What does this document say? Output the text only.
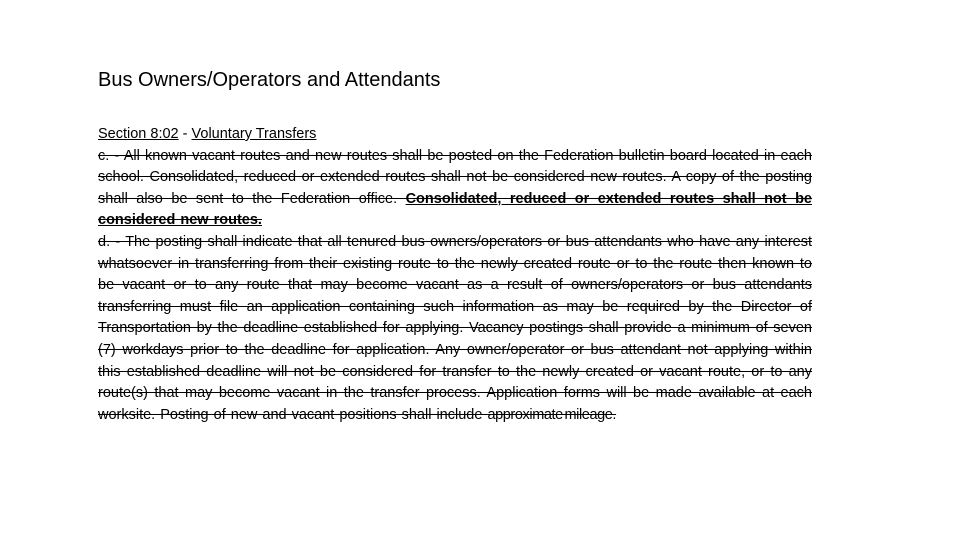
Bus Owners/Operators and Attendants

Section 8:02 - Voluntary Transfers

c. - All known vacant routes and new routes shall be posted on the Federation bulletin board located in each school. Consolidated, reduced or extended routes shall not be considered new routes. A copy of the posting shall also be sent to the Federation office. Consolidated, reduced or extended routes shall not be considered new routes.

d. - The posting shall indicate that all tenured bus owners/operators or bus attendants who have any interest whatsoever in transferring from their existing route to the newly created route or to the route then known to be vacant or to any route that may become vacant as a result of owners/operators or bus attendants transferring must file an application containing such information as may be required by the Director of Transportation by the deadline established for applying. Vacancy postings shall provide a minimum of seven (7) workdays prior to the deadline for application. Any owner/operator or bus attendant not applying within this established deadline will not be considered for transfer to the newly created or vacant route, or to any route(s) that may become vacant in the transfer process. Application forms will be made available at each worksite. Posting of new and vacant positions shall include approximate mileage.
